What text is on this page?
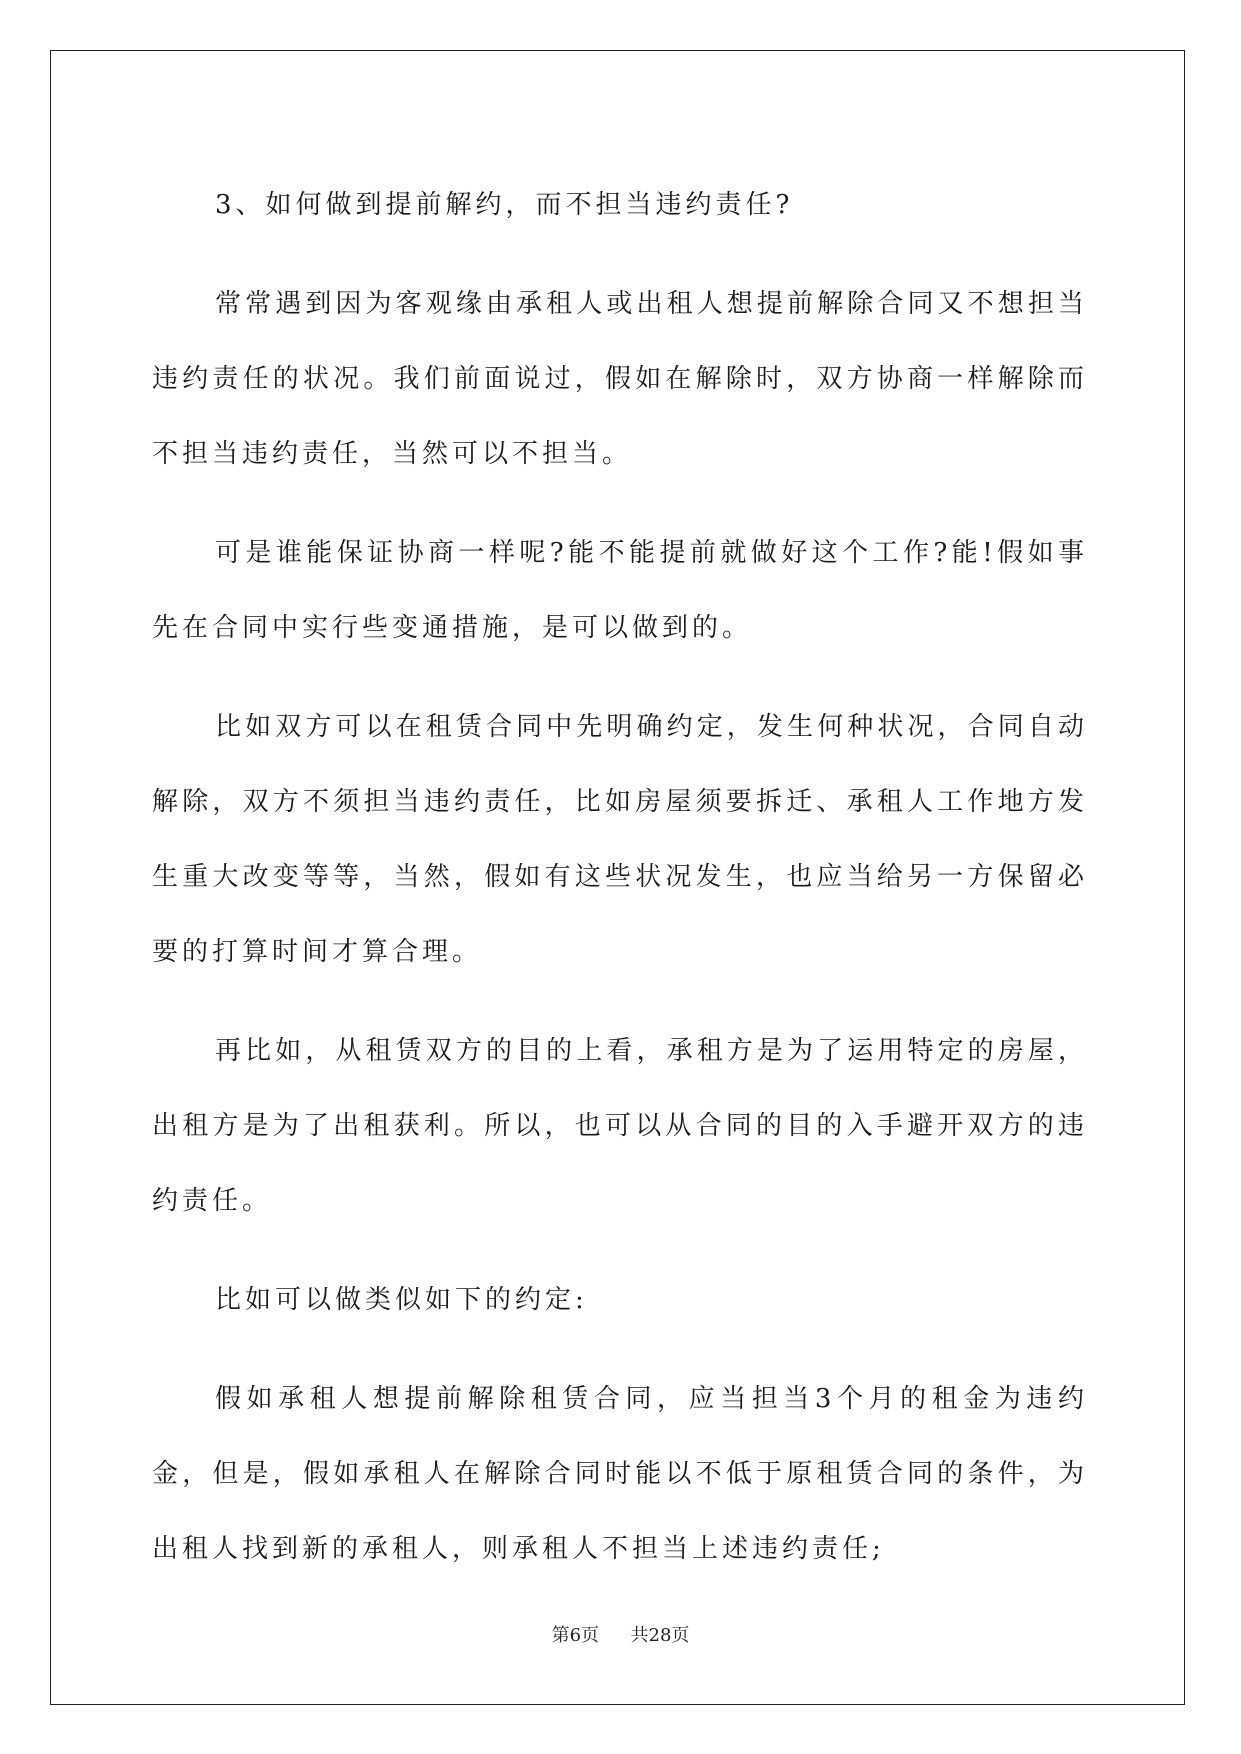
3、如何做到提前解约，而不担当违约责任?

常常遇到因为客观缘由承租人或出租人想提前解除合同又不想担当违约责任的状况。我们前面说过，假如在解除时，双方协商一样解除而不担当违约责任，当然可以不担当。

可是谁能保证协商一样呢?能不能提前就做好这个工作?能!假如事先在合同中实行些变通措施，是可以做到的。

比如双方可以在租赁合同中先明确约定，发生何种状况，合同自动解除，双方不须担当违约责任，比如房屋须要拆迁、承租人工作地方发生重大改变等等，当然，假如有这些状况发生，也应当给另一方保留必要的打算时间才算合理。

再比如，从租赁双方的目的上看，承租方是为了运用特定的房屋，出租方是为了出租获利。所以，也可以从合同的目的入手避开双方的违约责任。

比如可以做类似如下的约定:

假如承租人想提前解除租赁合同，应当担当3个月的租金为违约金，但是，假如承租人在解除合同时能以不低于原租赁合同的条件，为出租人找到新的承租人，则承租人不担当上述违约责任;

第6页 共28页
